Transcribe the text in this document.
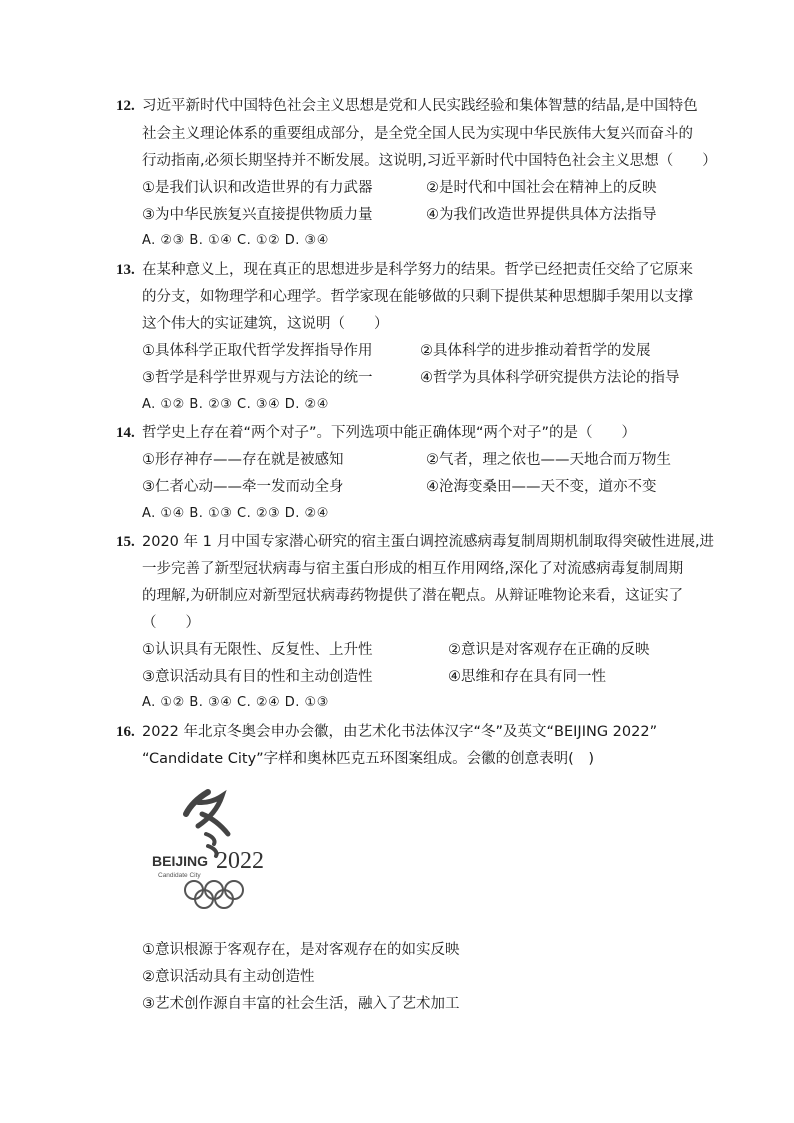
12. 习近平新时代中国特色社会主义思想是党和人民实践经验和集体智慧的结晶,是中国特色
社会主义理论体系的重要组成部分，是全党全国人民为实现中华民族伟大复兴而奋斗的
行动指南,必须长期坚持并不断发展。这说明,习近平新时代中国特色社会主义思想（　　）
①是我们认识和改造世界的有力武器	②是时代和中国社会在精神上的反映
③为中华民族复兴直接提供物质力量	④为我们改造世界提供具体方法指导
A. ②③ B. ①④ C. ①② D. ③④
13. 在某种意义上，现在真正的思想进步是科学努力的结果。哲学已经把责任交给了它原来
的分支，如物理学和心理学。哲学家现在能够做的只剩下提供某种思想脚手架用以支撑
这个伟大的实证建筑，这说明（　　）
①具体科学正取代哲学发挥指导作用	②具体科学的进步推动着哲学的发展
③哲学是科学世界观与方法论的统一	④哲学为具体科学研究提供方法论的指导
A. ①② B. ②③ C. ③④ D. ②④
14. 哲学史上存在着“两个对子”。下列选项中能正确体现“两个对子”的是（　　）
①形存神存——存在就是被感知	②气者，理之依也——天地合而万物生
③仁者心动——牵一发而动全身	④沧海变桑田——天不变，道亦不变
A. ①④ B. ①③ C. ②③ D. ②④
15. 2020 年 1 月中国专家潜心研究的宿主蛋白调控流感病毒复制周期机制取得突破性进展,进
一步完善了新型冠状病毒与宿主蛋白形成的相互作用网络,深化了对流感病毒复制周期
的理解,为研制应对新型冠状病毒药物提供了潜在靶点。从辩证唯物论来看，这证实了
（　　）
①认识具有无限性、反复性、上升性	②意识是对客观存在正确的反映
③意识活动具有目的性和主动创造性	④思维和存在具有同一性
A. ①② B. ③④ C. ②④ D. ①③
16. 2022 年北京冬奥会申办会徽，由艺术化书法体汉字“冬”及英文“BEIJING 2022”
“Candidate City”字样和奥林匹克五环图案组成。会徽的创意表明(　)
BEIJING 2022
Candidate City
①意识根源于客观存在，是对客观存在的如实反映
②意识活动具有主动创造性
③艺术创作源自丰富的社会生活，融入了艺术加工
